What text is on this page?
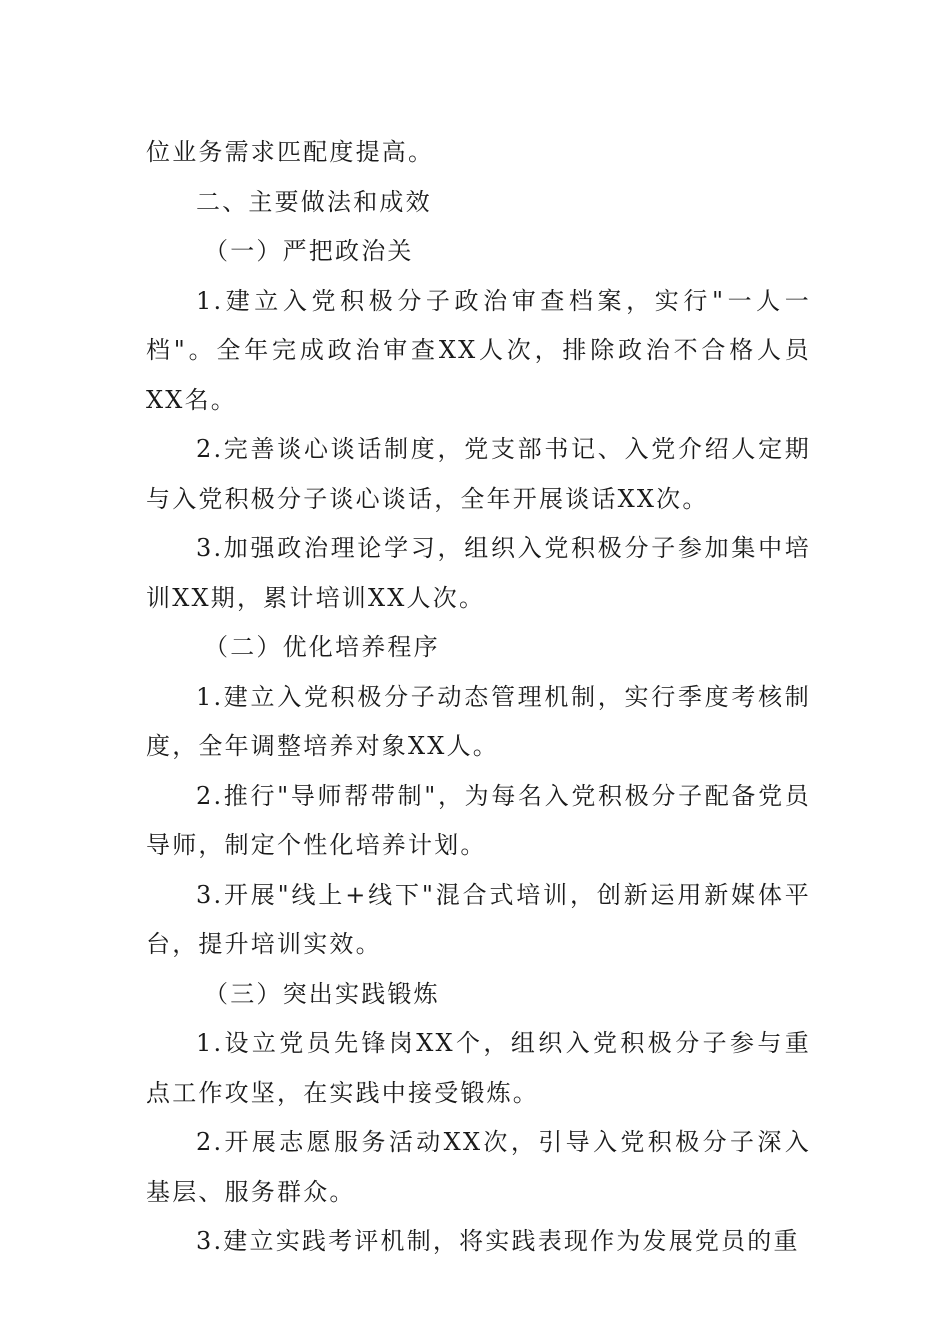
位业务需求匹配度提高。

二、主要做法和成效

（一）严把政治关

1.建立入党积极分子政治审查档案，实行"一人一档"。全年完成政治审查XX人次，排除政治不合格人员XX名。

2.完善谈心谈话制度，党支部书记、入党介绍人定期与入党积极分子谈心谈话，全年开展谈话XX次。

3.加强政治理论学习，组织入党积极分子参加集中培训XX期，累计培训XX人次。

（二）优化培养程序

1.建立入党积极分子动态管理机制，实行季度考核制度，全年调整培养对象XX人。

2.推行"导师帮带制"，为每名入党积极分子配备党员导师，制定个性化培养计划。

3.开展"线上+线下"混合式培训，创新运用新媒体平台，提升培训实效。

（三）突出实践锻炼

1.设立党员先锋岗XX个，组织入党积极分子参与重点工作攻坚，在实践中接受锻炼。

2.开展志愿服务活动XX次，引导入党积极分子深入基层、服务群众。

3.建立实践考评机制，将实践表现作为发展党员的重
